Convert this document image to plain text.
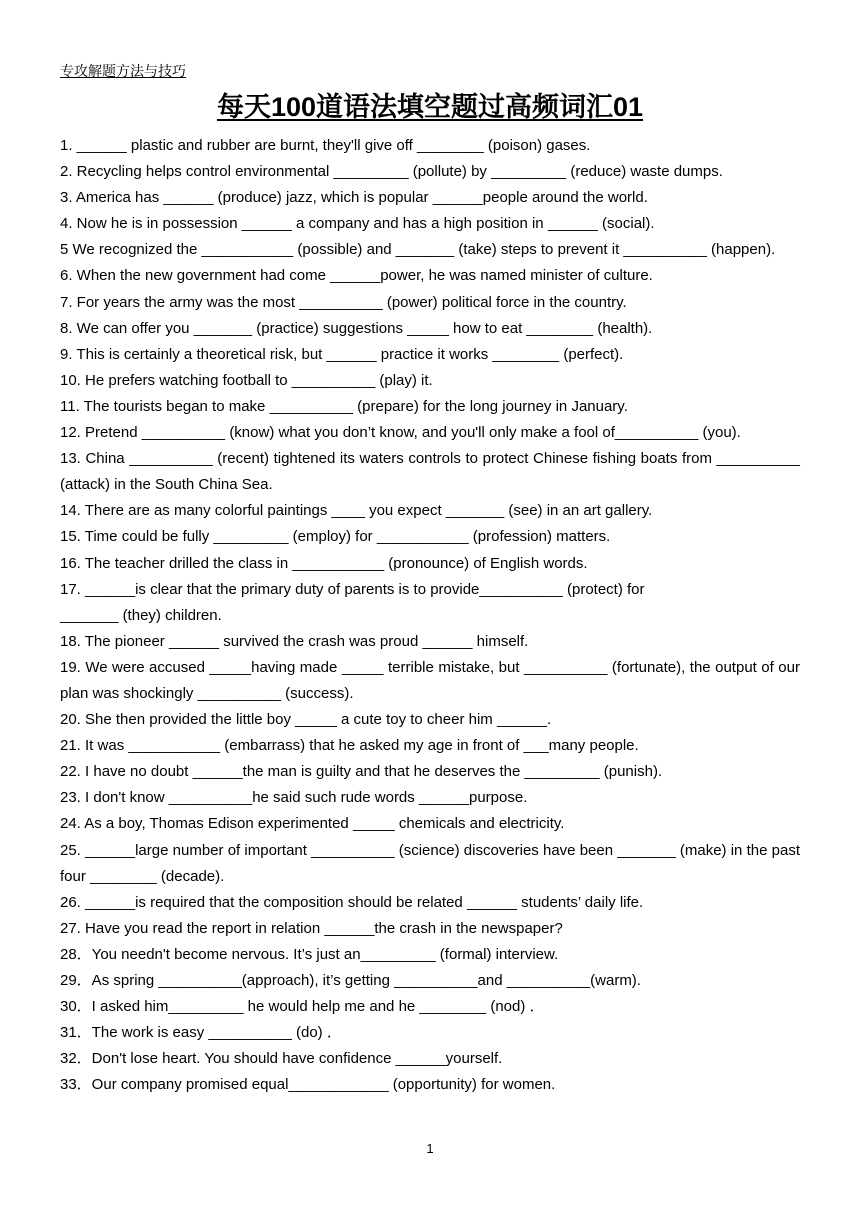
专攻解题方法与技巧
每天100道语法填空题过高频词汇01
1. ______ plastic and rubber are burnt, they'll give off ________ (poison) gases.
2. Recycling helps control environmental _________ (pollute) by _________ (reduce) waste dumps.
3. America has ______ (produce) jazz, which is popular ______people around the world.
4. Now he is in possession ______ a company and has a high position in ______ (social).
5 We recognized the ___________ (possible) and _______ (take) steps to prevent it __________ (happen).
6. When the new government had come ______power, he was named minister of culture.
7. For years the army was the most __________ (power) political force in the country.
8. We can offer you _______ (practice) suggestions _____ how to eat ________ (health).
9. This is certainly a theoretical risk, but ______ practice it works ________ (perfect).
10. He prefers watching football to __________ (play) it.
11. The tourists began to make __________ (prepare) for the long journey in January.
12. Pretend __________ (know) what you don’t know, and you'll only make a fool of__________ (you).
13. China __________ (recent) tightened its waters controls to protect Chinese fishing boats from __________ (attack) in the South China Sea.
14. There are as many colorful paintings ____ you expect _______ (see) in an art gallery.
15. Time could be fully _________ (employ) for ___________ (profession) matters.
16. The teacher drilled the class in ___________ (pronounce) of English words.
17. ______is clear that the primary duty of parents is to provide__________ (protect) for
_______ (they) children.
18. The pioneer ______ survived the crash was proud ______ himself.
19. We were accused _____having made _____ terrible mistake, but __________ (fortunate), the output of our plan was shockingly __________ (success).
20. She then provided the little boy _____ a cute toy to cheer him ______.
21. It was ___________ (embarrass) that he asked my age in front of ___many people.
22. I have no doubt ______the man is guilty and that he deserves the _________ (punish).
23. I don't know __________he said such rude words ______purpose.
24. As a boy, Thomas Edison experimented _____ chemicals and electricity.
25. ______large number of important __________ (science) discoveries have been _______ (make) in the past four ________ (decade).
26. ______is required that the composition should be related ______ students’ daily life.
27. Have you read the report in relation ______the crash in the newspaper?
28．You needn't become nervous. It’s just an_________ (formal) interview.
29．As spring __________(approach), it’s getting __________and __________(warm).
30．I asked him_________ he would help me and he ________ (nod) ．
31．The work is easy __________ (do) ．
32．Don't lose heart. You should have confidence ______yourself.
33．Our company promised equal____________ (opportunity) for women.
1
